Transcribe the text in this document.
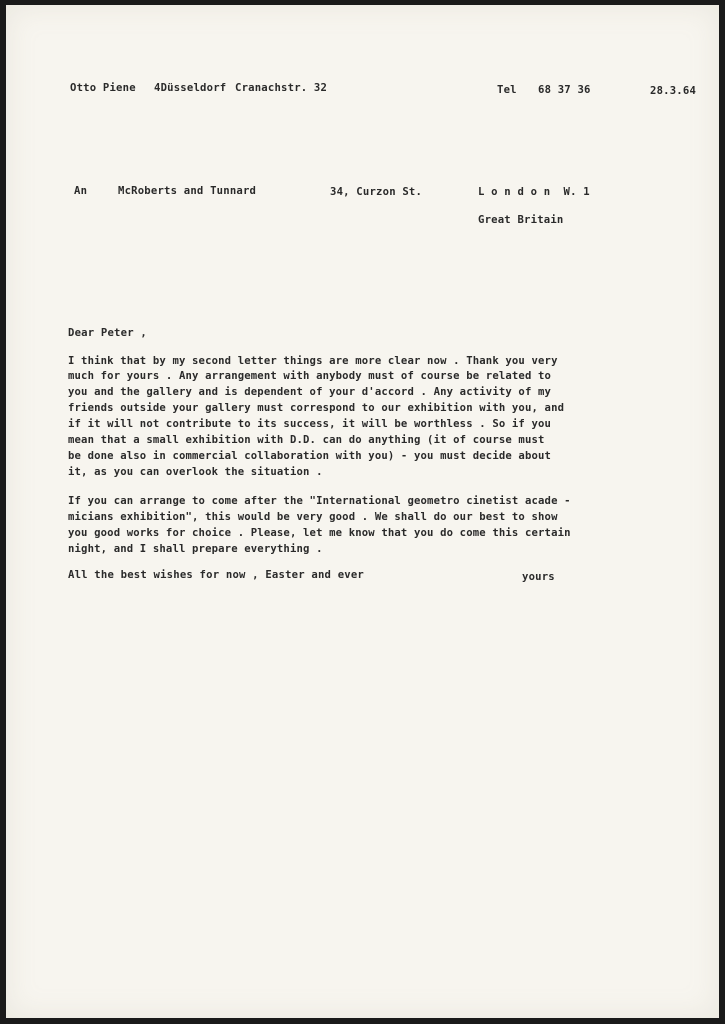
Otto Piene 4Düsseldorf Cranachstr. 32	Tel 68 37 36	28.3.64
An	McRoberts and Tunnard	34, Curzon St.	L o n d o n  W. 1
Great Britain
Dear Peter ,
I think that by my second letter things are more clear now . Thank you very
much for yours . Any arrangement with anybody must of course be related to
you and the gallery and is dependent of your d'accord . Any activity of my
friends outside your gallery must correspond to our exhibition with you, and
if it will not contribute to its success, it will be worthless . So if you
mean that a small exhibition with D.D. can do anything (it of course must
be done also in commercial collaboration with you) - you must decide about
it, as you can overlook the situation .
If you can arrange to come after the "International geometro cinetist acade -
micians exhibition", this would be very good . We shall do our best to show
you good works for choice . Please, let me know that you do come this certain
night, and I shall prepare everything .
All the best wishes for now , Easter and ever	yours
